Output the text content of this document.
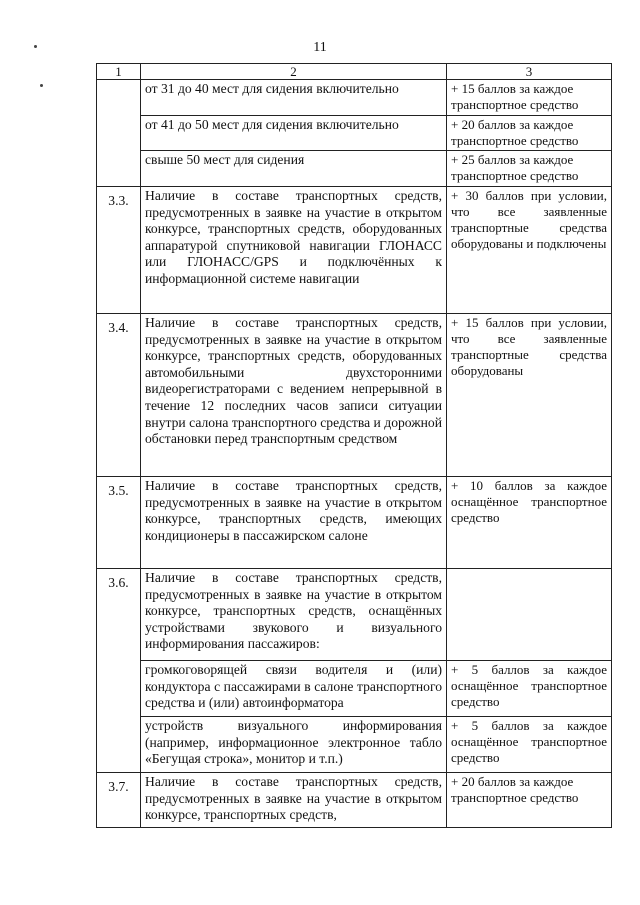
11
1	2	3
	от 31 до 40 мест для сидения включительно	+ 15 баллов за каждое транспортное средство
	от 41 до 50 мест для сидения включительно	+ 20 баллов за каждое транспортное средство
	свыше 50 мест для сидения	+ 25 баллов за каждое транспортное средство
3.3.	Наличие в составе транспортных средств, предусмотренных в заявке на участие в открытом конкурсе, транспортных средств, оборудованных аппаратурой спутниковой навигации ГЛОНАСС или ГЛОНАСС/GPS и подключённых к информационной системе навигации	+ 30 баллов при условии, что все заявленные транспортные средства оборудованы и подключены
3.4.	Наличие в составе транспортных средств, предусмотренных в заявке на участие в открытом конкурсе, транспортных средств, оборудованных автомобильными двухсторонними видеорегистраторами с ведением непрерывной в течение 12 последних часов записи ситуации внутри салона транспортного средства и дорожной обстановки перед транспортным средством	+ 15 баллов при условии, что все заявленные транспортные средства оборудованы
3.5.	Наличие в составе транспортных средств, предусмотренных в заявке на участие в открытом конкурсе, транспортных средств, имеющих кондиционеры в пассажирском салоне	+ 10 баллов за каждое оснащённое транспортное средство
3.6.	Наличие в составе транспортных средств, предусмотренных в заявке на участие в открытом конкурсе, транспортных средств, оснащённых устройствами звукового и визуального информирования пассажиров:	
	громкоговорящей связи водителя и (или) кондуктора с пассажирами в салоне транспортного средства и (или) автоинформатора	+ 5 баллов за каждое оснащённое транспортное средство
	устройств визуального информирования (например, информационное электронное табло «Бегущая строка», монитор и т.п.)	+ 5 баллов за каждое оснащённое транспортное средство
3.7.	Наличие в составе транспортных средств, предусмотренных в заявке на участие в открытом конкурсе, транспортных средств,	+ 20 баллов за каждое транспортное средство
